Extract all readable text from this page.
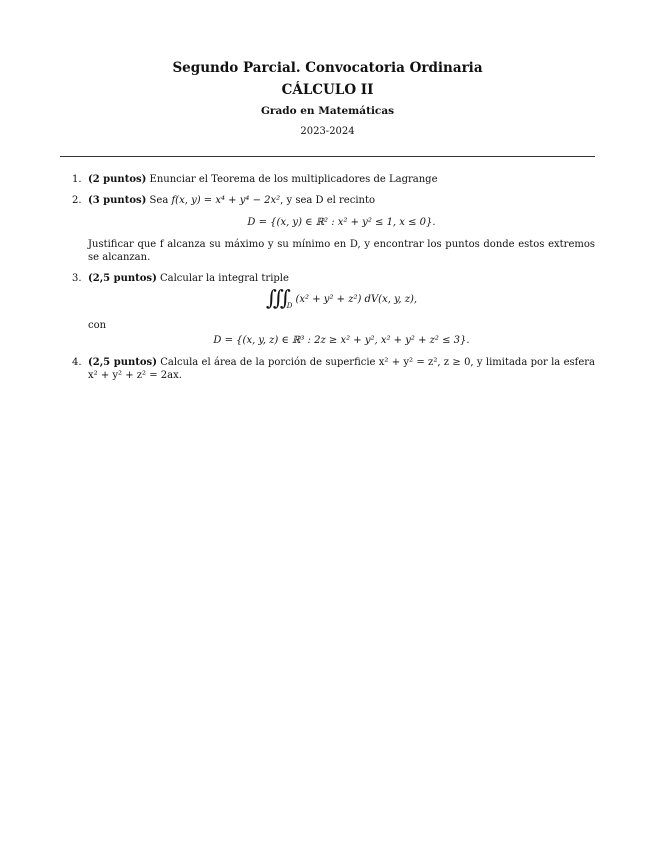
Segundo Parcial. Convocatoria Ordinaria
CÁLCULO II
Grado en Matemáticas
2023-2024
1. (2 puntos) Enunciar el Teorema de los multiplicadores de Lagrange
2. (3 puntos) Sea f(x, y) = x⁴ + y⁴ − 2x², y sea D el recinto
D = {(x, y) ∈ ℝ² : x² + y² ≤ 1, x ≤ 0}.
Justificar que f alcanza su máximo y su mínimo en D, y encontrar los puntos donde estos extremos se alcanzan.
3. (2,5 puntos) Calcular la integral triple
$∭_D$ (x² + y² + z²) dV(x, y, z),
con
D = {(x, y, z) ∈ ℝ³ : 2z ≥ x² + y², x² + y² + z² ≤ 3}.
4. (2,5 puntos) Calcula el área de la porción de superficie x² + y² = z², z ≥ 0, y limitada por la esfera x² + y² + z² = 2ax.
